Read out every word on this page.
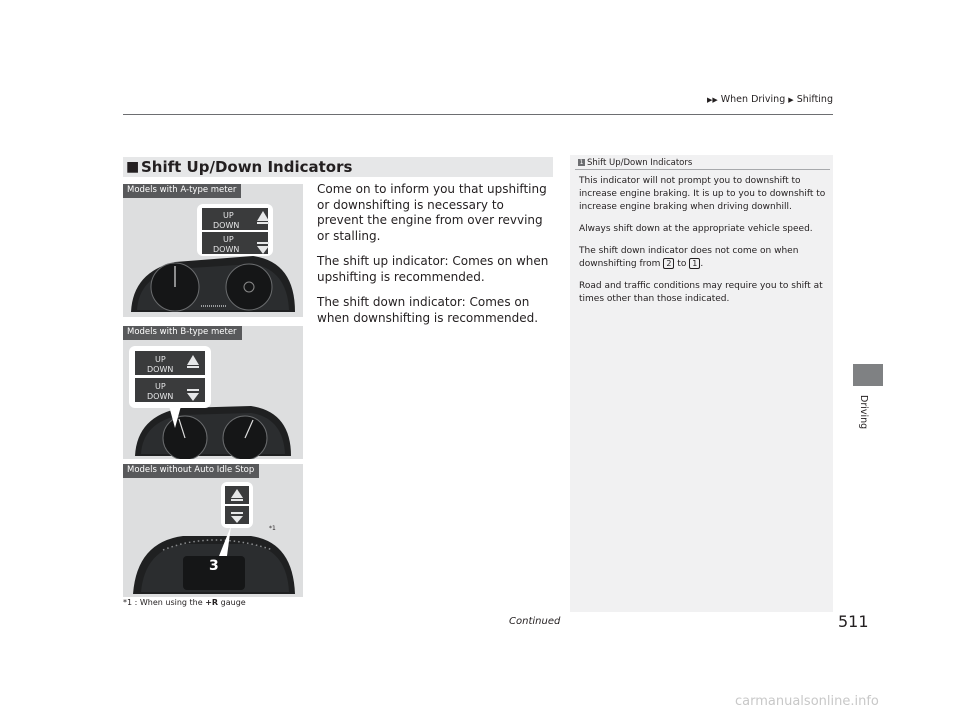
▶▶ When Driving ▶ Shifting
Driving
■ Shift Up/Down Indicators

Come on to inform you that upshifting or downshifting is necessary to prevent the engine from over revving or stalling.

The shift up indicator: Comes on when upshifting is recommended.

The shift down indicator: Comes on when downshifting is recommended.

UP
DOWN
UP
DOWN
Models with A-type meter
UP
DOWN
UP
DOWN
Models with B-type meter
3
*1
Models without Auto Idle Stop
*1 : When using the +R gauge
1 Shift Up/Down Indicators

This indicator will not prompt you to downshift to increase engine braking. It is up to you to downshift to increase engine braking when driving downhill.

Always shift down at the appropriate vehicle speed.

The shift down indicator does not come on when downshifting from 2 to 1 .

Road and traffic conditions may require you to shift at times other than those indicated.

Continued	511
carmanualsonline.info
